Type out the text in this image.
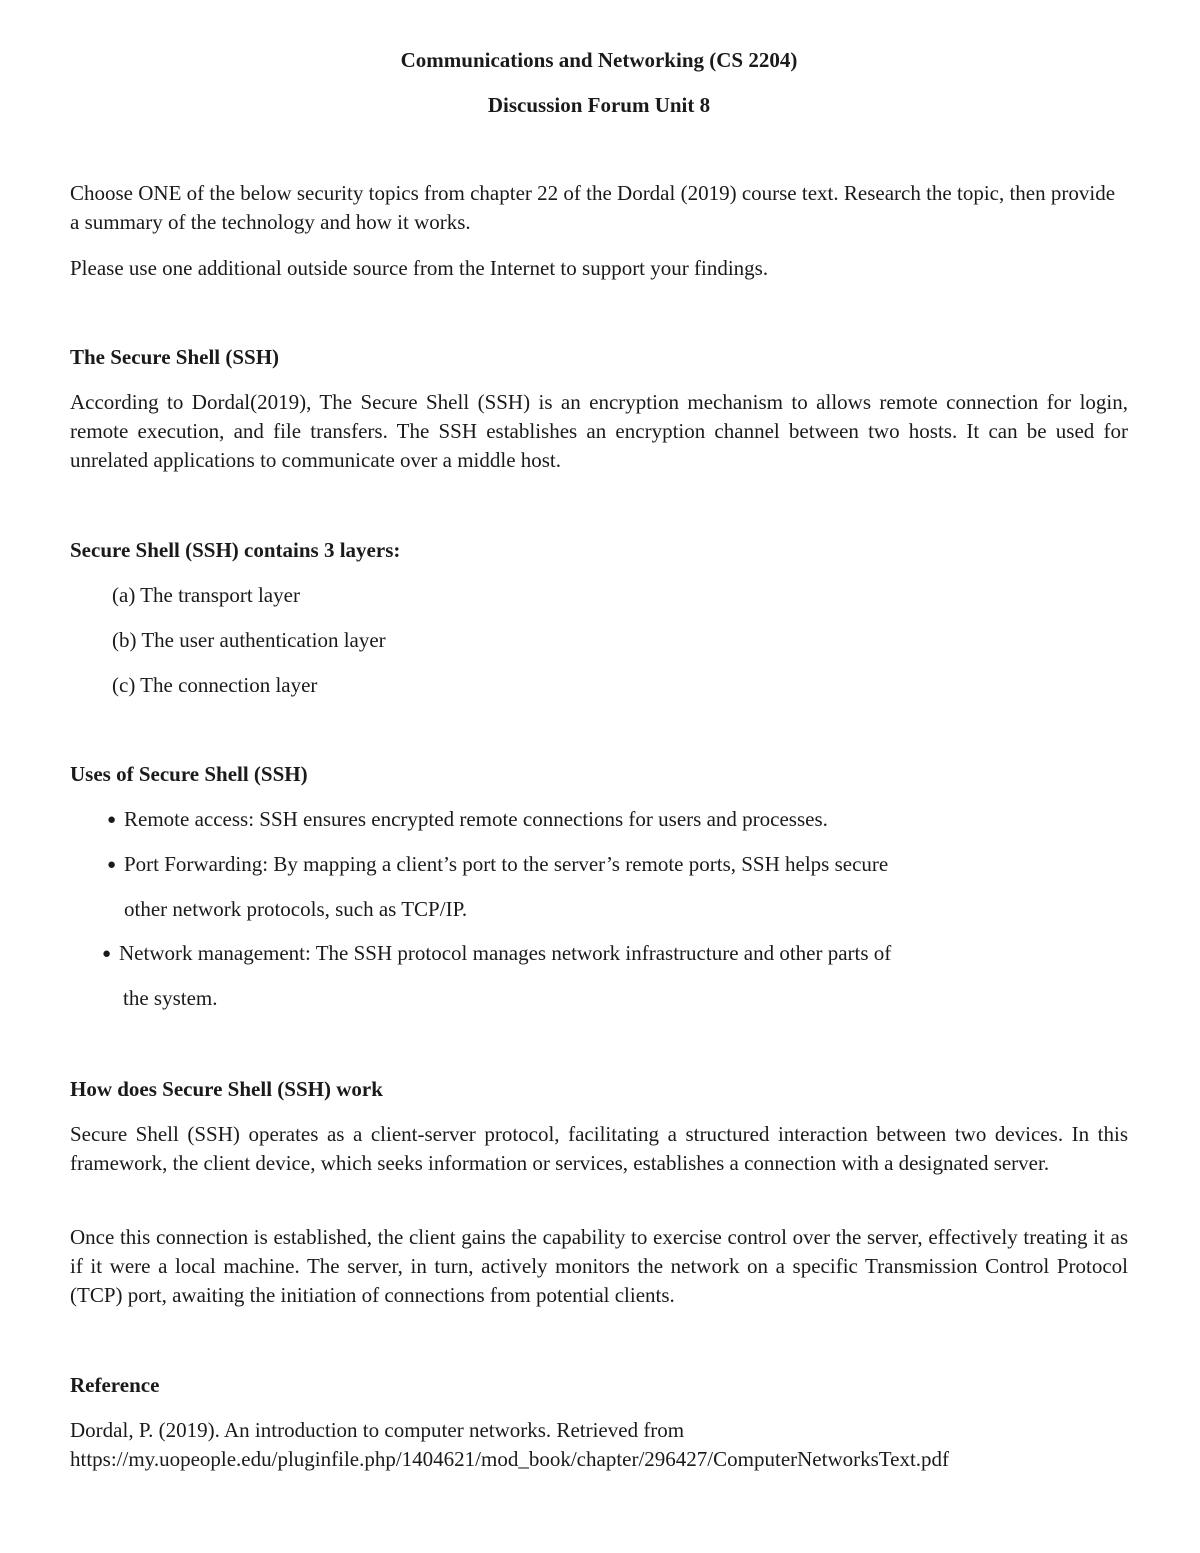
Communications and Networking (CS 2204)
Discussion Forum Unit 8
Choose ONE of the below security topics from chapter 22 of the Dordal (2019) course text. Research the topic, then provide a summary of the technology and how it works.
Please use one additional outside source from the Internet to support your findings.
The Secure Shell (SSH)
According to Dordal(2019), The Secure Shell (SSH) is an encryption mechanism to allows remote connection for login, remote execution, and file transfers. The SSH establishes an encryption channel between two hosts. It can be used for unrelated applications to communicate over a middle host.
Secure Shell (SSH) contains 3 layers:
(a) The transport layer
(b) The user authentication layer
(c) The connection layer
Uses of Secure Shell (SSH)
● Remote access: SSH ensures encrypted remote connections for users and processes.
● Port Forwarding: By mapping a client’s port to the server’s remote ports, SSH helps secure
other network protocols, such as TCP/IP.
● Network management: The SSH protocol manages network infrastructure and other parts of
the system.
How does Secure Shell (SSH) work
Secure Shell (SSH) operates as a client-server protocol, facilitating a structured interaction between two devices. In this framework, the client device, which seeks information or services, establishes a connection with a designated server.
Once this connection is established, the client gains the capability to exercise control over the server, effectively treating it as if it were a local machine. The server, in turn, actively monitors the network on a specific Transmission Control Protocol (TCP) port, awaiting the initiation of connections from potential clients.
Reference
Dordal, P. (2019). An introduction to computer networks. Retrieved from
https://my.uopeople.edu/pluginfile.php/1404621/mod_book/chapter/296427/ComputerNetworksText.pdf
